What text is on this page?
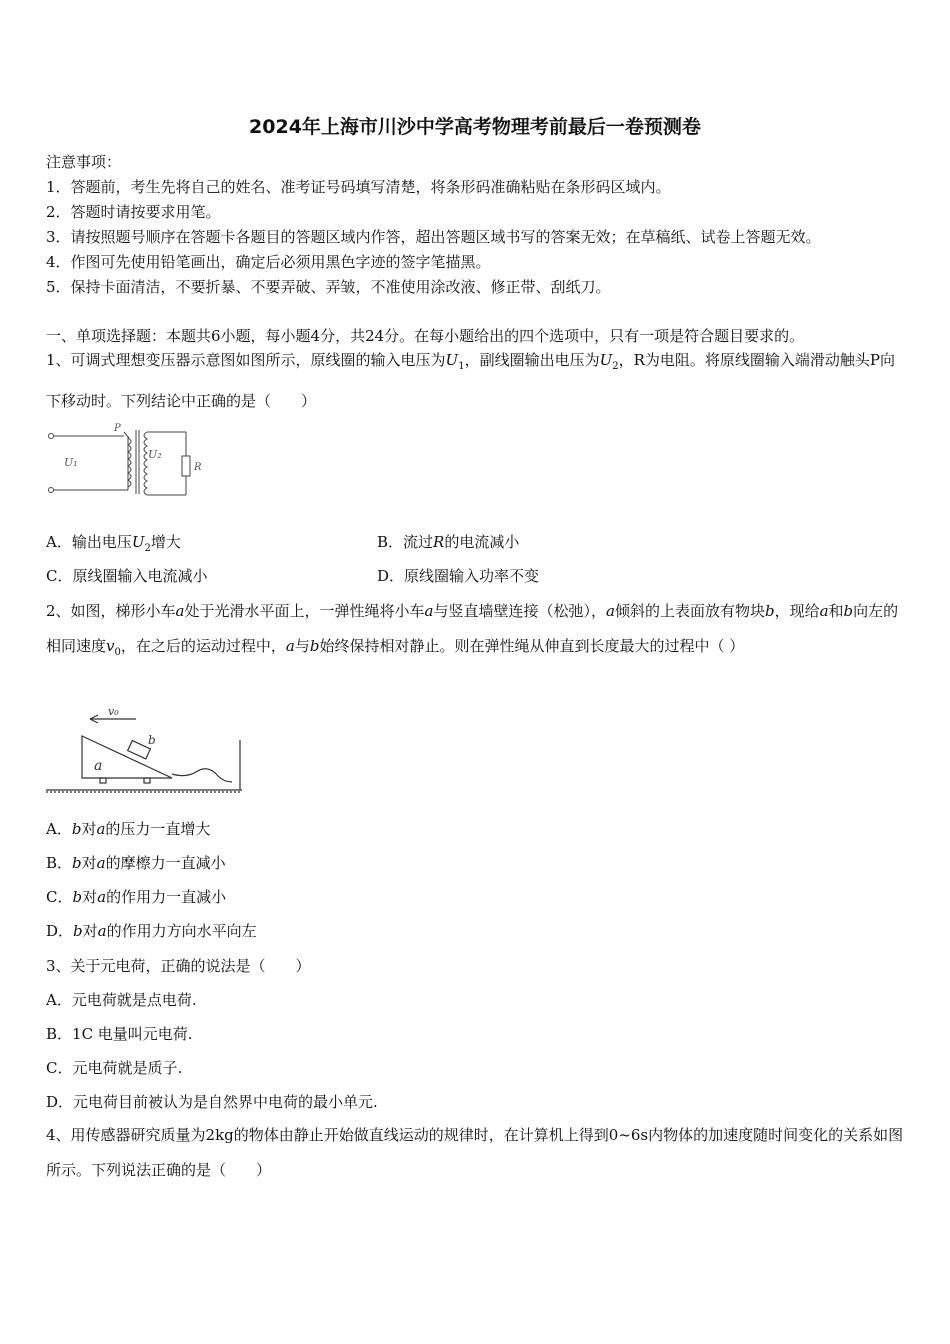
2024年上海市川沙中学高考物理考前最后一卷预测卷
注意事项：
1．答题前，考生先将自己的姓名、准考证号码填写清楚，将条形码准确粘贴在条形码区域内。
2．答题时请按要求用笔。
3．请按照题号顺序在答题卡各题目的答题区域内作答，超出答题区域书写的答案无效；在草稿纸、试卷上答题无效。
4．作图可先使用铅笔画出，确定后必须用黑色字迹的签字笔描黑。
5．保持卡面清洁，不要折暴、不要弄破、弄皱，不准使用涂改液、修正带、刮纸刀。
一、单项选择题：本题共6小题，每小题4分，共24分。在每小题给出的四个选项中，只有一项是符合题目要求的。
1、可调式理想变压器示意图如图所示，原线圈的输入电压为$U_1$，副线圈输出电压为$U_2$，R为电阻。将原线圈输入端滑动触头P向下移动时。下列结论中正确的是（　　）
P
U₁
U₂
R
A．输出电压$U_2$增大	B．流过R的电流减小
C．原线圈输入电流减小	D．原线圈输入功率不变
2、如图，梯形小车a处于光滑水平面上，一弹性绳将小车a与竖直墙壁连接（松弛），a倾斜的上表面放有物块b，现给a和b向左的相同速度$v_0$，在之后的运动过程中，a与b始终保持相对静止。则在弹性绳从伸直到长度最大的过程中（ ）
v₀
a
b
A．b对a的压力一直增大
B．b对a的摩檫力一直减小
C．b对a的作用力一直减小
D．b对a的作用力方向水平向左
3、关于元电荷，正确的说法是（　　）
A．元电荷就是点电荷.
B．1C 电量叫元电荷.
C．元电荷就是质子.
D．元电荷目前被认为是自然界中电荷的最小单元.
4、用传感器研究质量为2kg的物体由静止开始做直线运动的规律时，在计算机上得到0~6s内物体的加速度随时间变化的关系如图所示。下列说法正确的是（　　）
